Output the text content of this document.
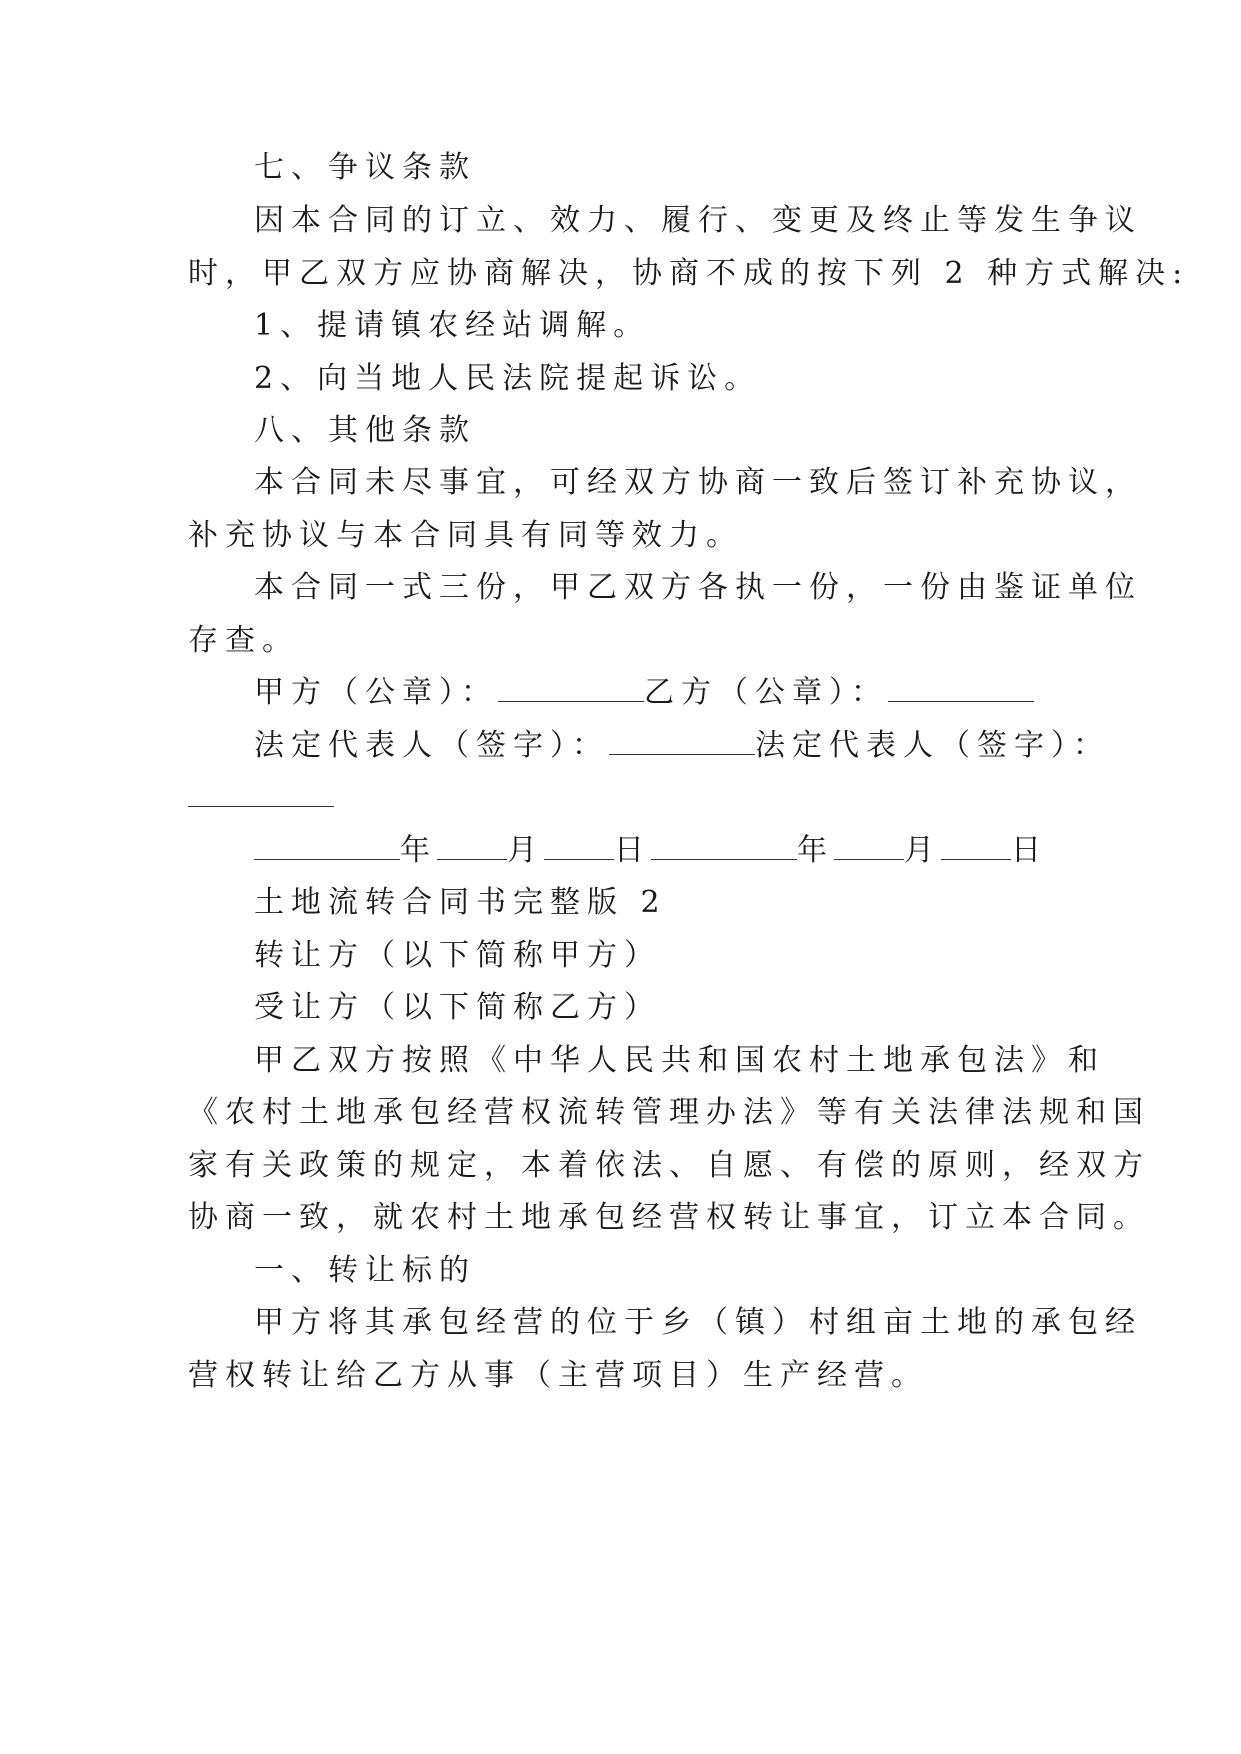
七、争议条款
因本合同的订立、效力、履行、变更及终止等发生争议
时，甲乙双方应协商解决，协商不成的按下列 2 种方式解决:
1、提请镇农经站调解。
2、向当地人民法院提起诉讼。
八、其他条款
本合同未尽事宜，可经双方协商一致后签订补充协议，
补充协议与本合同具有同等效力。
本合同一式三份，甲乙双方各执一份，一份由鉴证单位
存查。
甲方（公章）：	乙方（公章）：
法定代表人（签字）：	法定代表人（签字）：
年 月 日	年 月 日
土地流转合同书完整版 2
转让方（以下简称甲方）
受让方（以下简称乙方）
甲乙双方按照《中华人民共和国农村土地承包法》和
《农村土地承包经营权流转管理办法》等有关法律法规和国
家有关政策的规定，本着依法、自愿、有偿的原则，经双方
协商一致，就农村土地承包经营权转让事宜，订立本合同。
一、转让标的
甲方将其承包经营的位于乡（镇）村组亩土地的承包经
营权转让给乙方从事（主营项目）生产经营。
